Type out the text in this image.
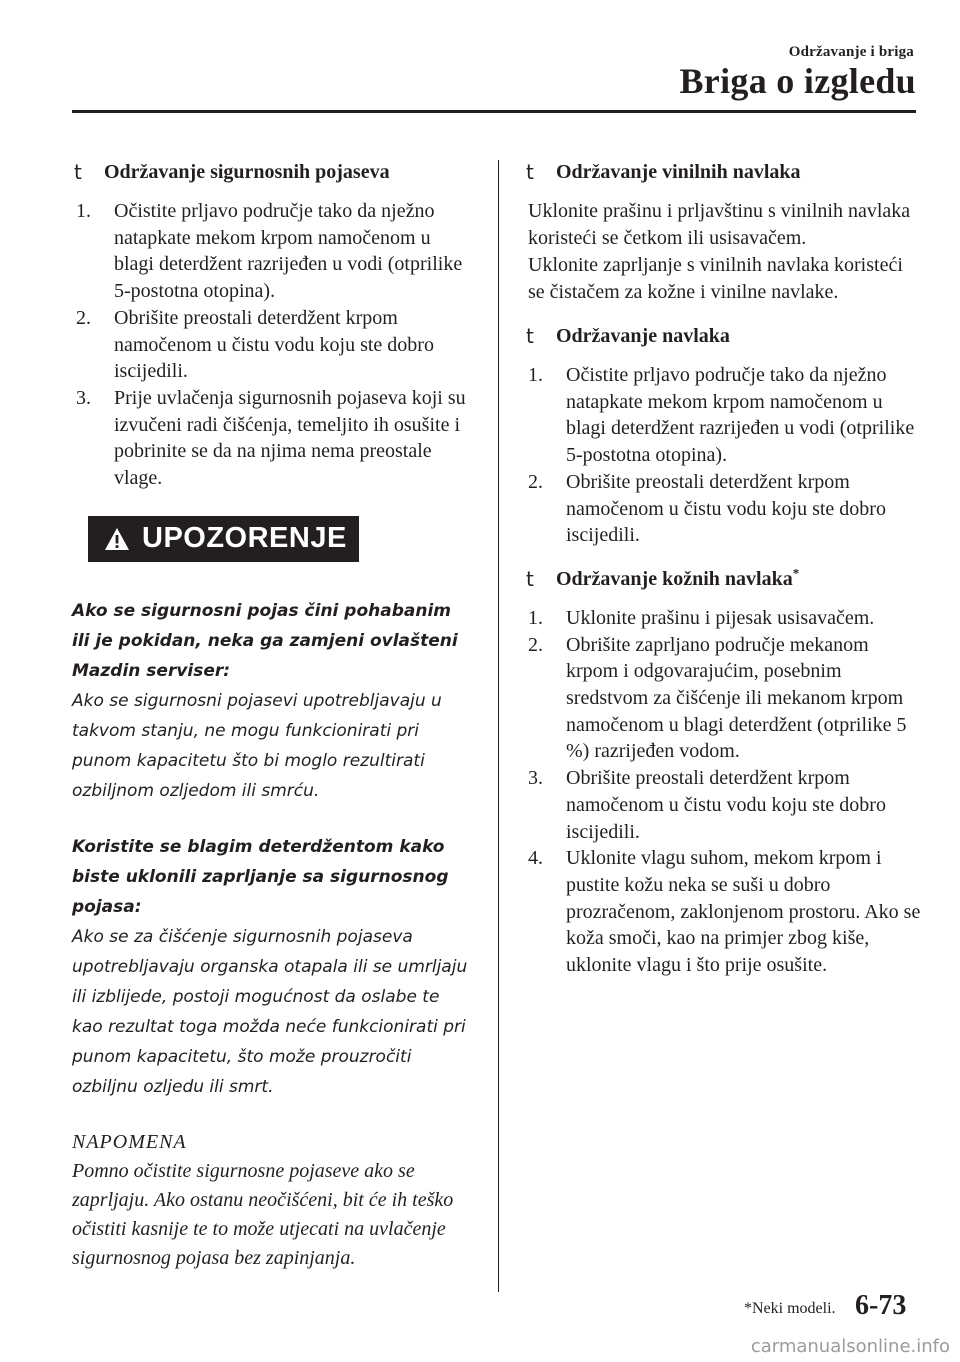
Održavanje i briga
Briga o izgledu
t Održavanje sigurnosnih pojaseva
1. Očistite prljavo područje tako da nježno natapkate mekom krpom namočenom u blagi deterdžent razrijeđen u vodi (otprilike 5-postotna otopina).
2. Obrišite preostali deterdžent krpom namočenom u čistu vodu koju ste dobro iscijedili.
3. Prije uvlačenja sigurnosnih pojaseva koji su izvučeni radi čišćenja, temeljito ih osušite i pobrinite se da na njima nema preostale vlage.
UPOZORENJE
Ako se sigurnosni pojas čini pohabanim ili je pokidan, neka ga zamjeni ovlašteni Mazdin serviser:
Ako se sigurnosni pojasevi upotrebljavaju u takvom stanju, ne mogu funkcionirati pri punom kapacitetu što bi moglo rezultirati ozbiljnom ozljedom ili smrću.
Koristite se blagim deterdžentom kako biste uklonili zaprljanje sa sigurnosnog pojasa:
Ako se za čišćenje sigurnosnih pojaseva upotrebljavaju organska otapala ili se umrljaju ili izblijede, postoji mogućnost da oslabe te kao rezultat toga možda neće funkcionirati pri punom kapacitetu, što može prouzročiti ozbiljnu ozljedu ili smrt.
NAPOMENA
Pomno očistite sigurnosne pojaseve ako se zaprljaju. Ako ostanu neočišćeni, bit će ih teško očistiti kasnije te to može utjecati na uvlačenje sigurnosnog pojasa bez zapinjanja.
t Održavanje vinilnih navlaka

Uklonite prašinu i prljavštinu s vinilnih navlaka koristeći se četkom ili usisavačem.

Uklonite zaprljanje s vinilnih navlaka koristeći se čistačem za kožne i vinilne navlake.

t Održavanje navlaka
1. Očistite prljavo područje tako da nježno natapkate mekom krpom namočenom u blagi deterdžent razrijeđen u vodi (otprilike 5-postotna otopina).
2. Obrišite preostali deterdžent krpom namočenom u čistu vodu koju ste dobro iscijedili.
t Održavanje kožnih navlaka*
1. Uklonite prašinu i pijesak usisavačem.
2. Obrišite zaprljano područje mekanom krpom i odgovarajućim, posebnim sredstvom za čišćenje ili mekanom krpom namočenom u blagi deterdžent (otprilike 5 %) razrijeđen vodom.
3. Obrišite preostali deterdžent krpom namočenom u čistu vodu koju ste dobro iscijedili.
4. Uklonite vlagu suhom, mekom krpom i pustite kožu neka se suši u dobro prozračenom, zaklonjenom prostoru. Ako se koža smoči, kao na primjer zbog kiše, uklonite vlagu i što prije osušite.
*Neki modeli. 6-73
carmanualsonline.info
